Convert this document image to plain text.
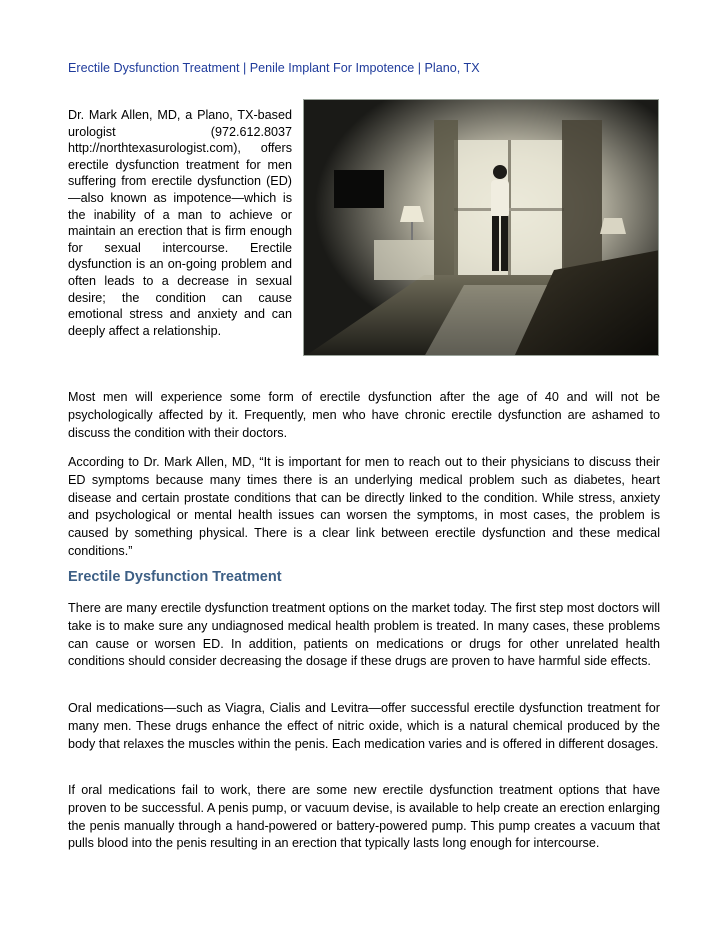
Erectile Dysfunction Treatment | Penile Implant For Impotence | Plano, TX
Dr. Mark Allen, MD, a Plano, TX-based urologist (972.612.8037 http://northtexasurologist.com), offers erectile dysfunction treatment for men suffering from erectile dysfunction (ED)—also known as impotence—which is the inability of a man to achieve or maintain an erection that is firm enough for sexual intercourse. Erectile dysfunction is an on-going problem and often leads to a decrease in sexual desire; the condition can cause emotional stress and anxiety and can deeply affect a relationship.

Most men will experience some form of erectile dysfunction after the age of 40 and will not be psychologically affected by it. Frequently, men who have chronic erectile dysfunction are ashamed to discuss the condition with their doctors.

According to Dr. Mark Allen, MD, “It is important for men to reach out to their physicians to discuss their ED symptoms because many times there is an underlying medical problem such as diabetes, heart disease and certain prostate conditions that can be directly linked to the condition. While stress, anxiety and psychological or mental health issues can worsen the symptoms, in most cases, the problem is caused by something physical. There is a clear link between erectile dysfunction and these medical conditions.”

Erectile Dysfunction Treatment

There are many erectile dysfunction treatment options on the market today. The first step most doctors will take is to make sure any undiagnosed medical health problem is treated. In many cases, these problems can cause or worsen ED. In addition, patients on medications or drugs for other unrelated health conditions should consider decreasing the dosage if these drugs are proven to have harmful side effects.

Oral medications—such as Viagra, Cialis and Levitra—offer successful erectile dysfunction treatment for many men. These drugs enhance the effect of nitric oxide, which is a natural chemical produced by the body that relaxes the muscles within the penis. Each medication varies and is offered in different dosages.

If oral medications fail to work, there are some new erectile dysfunction treatment options that have proven to be successful. A penis pump, or vacuum devise, is available to help create an erection enlarging the penis manually through a hand-powered or battery-powered pump. This pump creates a vacuum that pulls blood into the penis resulting in an erection that typically lasts long enough for intercourse.
